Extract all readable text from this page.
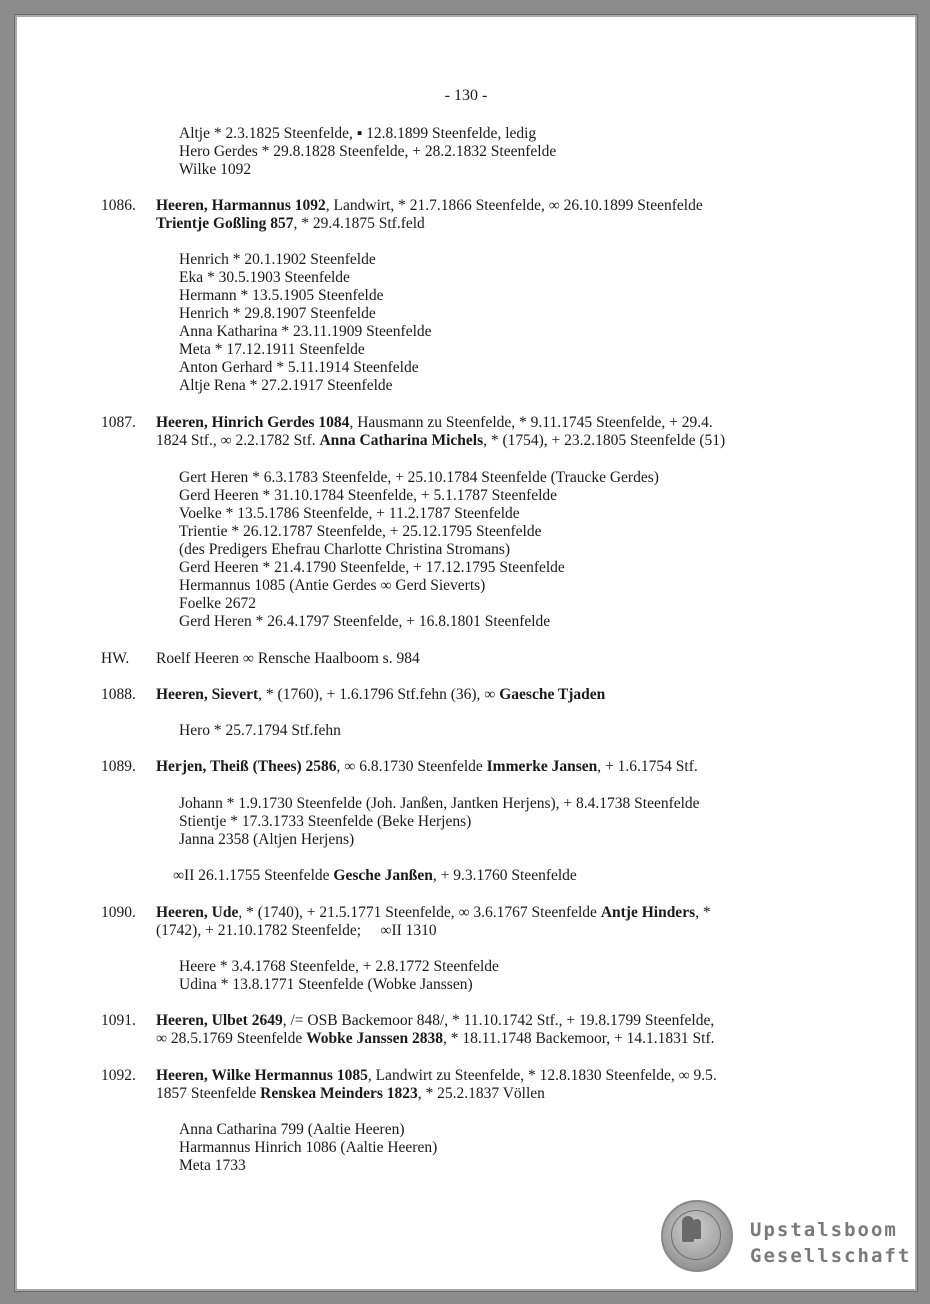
- 130 -
Altje * 2.3.1825 Steenfelde, ▪ 12.8.1899 Steenfelde, ledig
Hero Gerdes * 29.8.1828 Steenfelde, + 28.2.1832 Steenfelde
Wilke 1092
1086. Heeren, Harmannus 1092, Landwirt, * 21.7.1866 Steenfelde, ∞ 26.10.1899 Steenfelde
Trientje Goßling 857, * 29.4.1875 Stf.feld
Henrich * 20.1.1902 Steenfelde
Eka * 30.5.1903 Steenfelde
Hermann * 13.5.1905 Steenfelde
Henrich * 29.8.1907 Steenfelde
Anna Katharina * 23.11.1909 Steenfelde
Meta * 17.12.1911 Steenfelde
Anton Gerhard * 5.11.1914 Steenfelde
Altje Rena * 27.2.1917 Steenfelde
1087. Heeren, Hinrich Gerdes 1084, Hausmann zu Steenfelde, * 9.11.1745 Steenfelde, + 29.4.
1824 Stf., ∞ 2.2.1782 Stf. Anna Catharina Michels, * (1754), + 23.2.1805 Steenfelde (51)
Gert Heren * 6.3.1783 Steenfelde, + 25.10.1784 Steenfelde (Traucke Gerdes)
Gerd Heeren * 31.10.1784 Steenfelde, + 5.1.1787 Steenfelde
Voelke * 13.5.1786 Steenfelde, + 11.2.1787 Steenfelde
Trientie * 26.12.1787 Steenfelde, + 25.12.1795 Steenfelde
(des Predigers Ehefrau Charlotte Christina Stromans)
Gerd Heeren * 21.4.1790 Steenfelde, + 17.12.1795 Steenfelde
Hermannus 1085 (Antie Gerdes ∞ Gerd Sieverts)
Foelke 2672
Gerd Heren * 26.4.1797 Steenfelde, + 16.8.1801 Steenfelde
HW. Roelf Heeren ∞ Rensche Haalboom s. 984
1088. Heeren, Sievert, * (1760), + 1.6.1796 Stf.fehn (36), ∞ Gaesche Tjaden
Hero * 25.7.1794 Stf.fehn
1089. Herjen, Theiß (Thees) 2586, ∞ 6.8.1730 Steenfelde Immerke Jansen, + 1.6.1754 Stf.
Johann * 1.9.1730 Steenfelde (Joh. Janßen, Jantken Herjens), + 8.4.1738 Steenfelde
Stientje * 17.3.1733 Steenfelde (Beke Herjens)
Janna 2358 (Altjen Herjens)
∞II 26.1.1755 Steenfelde Gesche Janßen, + 9.3.1760 Steenfelde
1090. Heeren, Ude, * (1740), + 21.5.1771 Steenfelde, ∞ 3.6.1767 Steenfelde Antje Hinders, *
(1742), + 21.10.1782 Steenfelde;     ∞II 1310
Heere * 3.4.1768 Steenfelde, + 2.8.1772 Steenfelde
Udina * 13.8.1771 Steenfelde (Wobke Janssen)
1091. Heeren, Ulbet 2649, /= OSB Backemoor 848/, * 11.10.1742 Stf., + 19.8.1799 Steenfelde,
∞ 28.5.1769 Steenfelde Wobke Janssen 2838, * 18.11.1748 Backemoor, + 14.1.1831 Stf.
1092. Heeren, Wilke Hermannus 1085, Landwirt zu Steenfelde, * 12.8.1830 Steenfelde, ∞ 9.5.
1857 Steenfelde Renskea Meinders 1823, * 25.2.1837 Völlen
Anna Catharina 799 (Aaltie Heeren)
Harmannus Hinrich 1086 (Aaltie Heeren)
Meta 1733
Upstalsboom
Gesellschaft
